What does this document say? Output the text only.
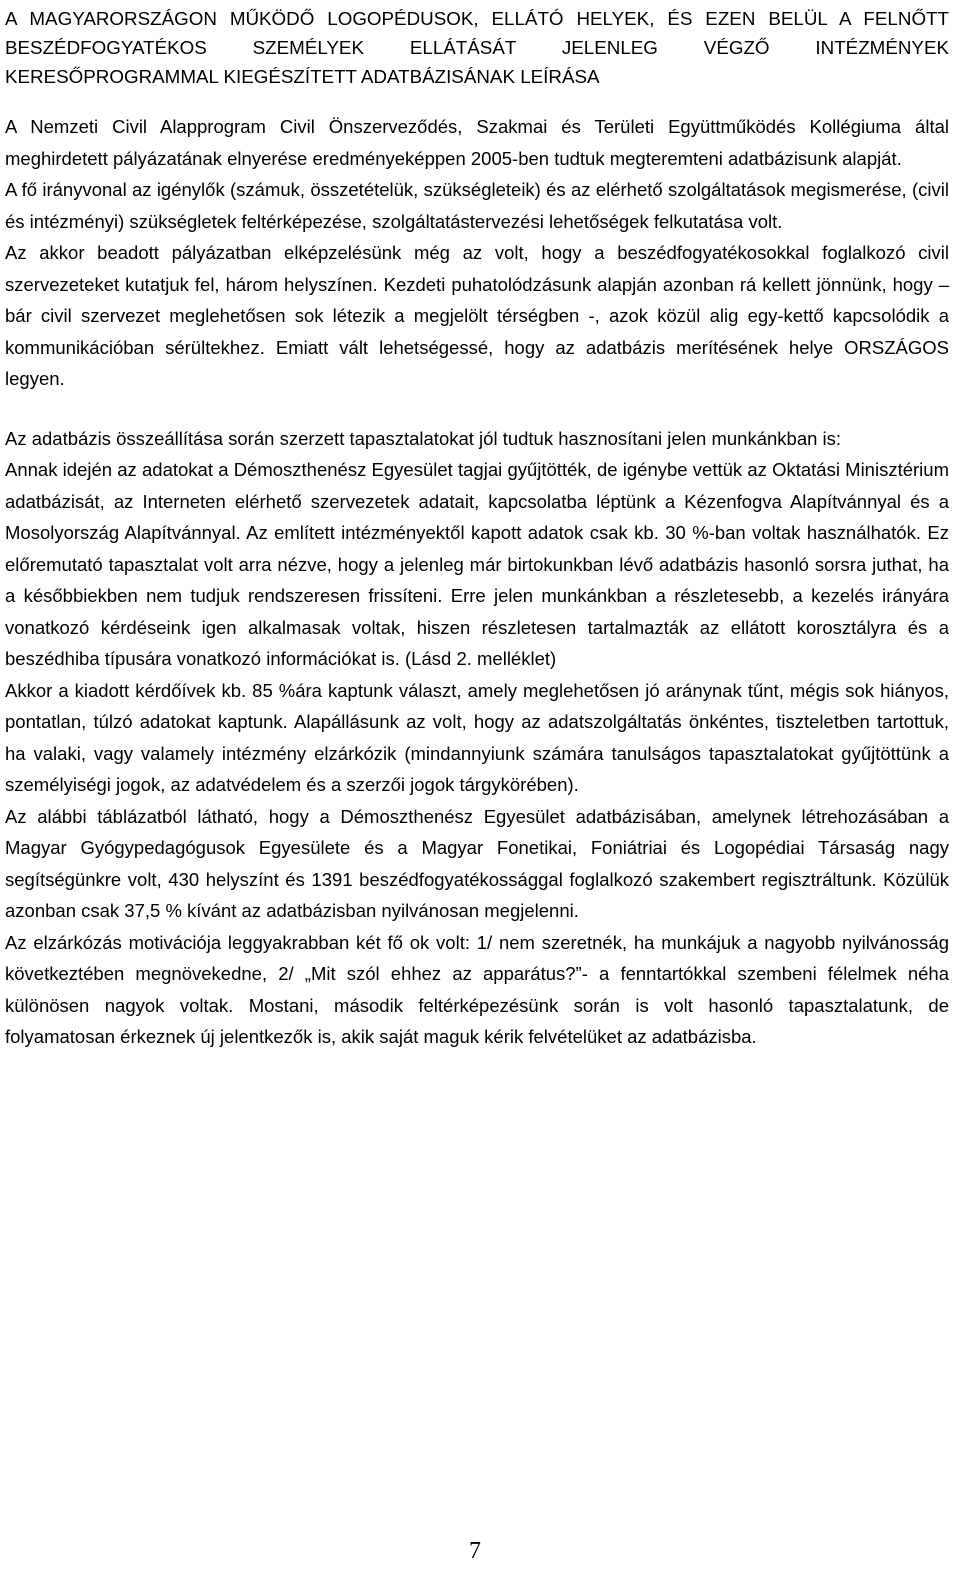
A MAGYARORSZÁGON MŰKÖDŐ LOGOPÉDUSOK, ELLÁTÓ HELYEK, ÉS EZEN BELÜL A FELNŐTT BESZÉDFOGYATÉKOS SZEMÉLYEK ELLÁTÁSÁT JELENLEG VÉGZŐ INTÉZMÉNYEK KERESŐPROGRAMMAL KIEGÉSZÍTETT ADATBÁZISÁNAK LEÍRÁSA

A Nemzeti Civil Alapprogram Civil Önszerveződés, Szakmai és Területi Együttműködés Kollégiuma által meghirdetett pályázatának elnyerése eredményeképpen 2005-ben tudtuk megteremteni adatbázisunk alapját.

A fő irányvonal az igénylők (számuk, összetételük, szükségleteik) és az elérhető szolgáltatások megismerése, (civil és intézményi) szükségletek feltérképezése, szolgáltatástervezési lehetőségek felkutatása volt.

Az akkor beadott pályázatban elképzelésünk még az volt, hogy a beszédfogyatékosokkal foglalkozó civil szervezeteket kutatjuk fel, három helyszínen. Kezdeti puhatolódzásunk alapján azonban rá kellett jönnünk, hogy – bár civil szervezet meglehetősen sok létezik a megjelölt térségben -, azok közül alig egy-kettő kapcsolódik a kommunikációban sérültekhez. Emiatt vált lehetségessé, hogy az adatbázis merítésének helye ORSZÁGOS legyen.

Az adatbázis összeállítása során szerzett tapasztalatokat jól tudtuk hasznosítani jelen munkánkban is:

Annak idején az adatokat a Démoszthenész Egyesület tagjai gyűjtötték, de igénybe vettük az Oktatási Minisztérium adatbázisát, az Interneten elérhető szervezetek adatait, kapcsolatba léptünk a Kézenfogva Alapítvánnyal és a Mosolyország Alapítvánnyal. Az említett intézményektől kapott adatok csak kb. 30 %-ban voltak használhatók. Ez előremutató tapasztalat volt arra nézve, hogy a jelenleg már birtokunkban lévő adatbázis hasonló sorsra juthat, ha a későbbiekben nem tudjuk rendszeresen frissíteni. Erre jelen munkánkban a részletesebb, a kezelés irányára vonatkozó kérdéseink igen alkalmasak voltak, hiszen részletesen tartalmazták az ellátott korosztályra és a beszédhiba típusára vonatkozó információkat is. (Lásd 2. melléklet)

Akkor a kiadott kérdőívek kb. 85 %ára kaptunk választ, amely meglehetősen jó aránynak tűnt, mégis sok hiányos, pontatlan, túlzó adatokat kaptunk. Alapállásunk az volt, hogy az adatszolgáltatás önkéntes, tiszteletben tartottuk, ha valaki, vagy valamely intézmény elzárkózik (mindannyiunk számára tanulságos tapasztalatokat gyűjtöttünk a személyiségi jogok, az adatvédelem és a szerzői jogok tárgykörében).

Az alábbi táblázatból látható, hogy a Démoszthenész Egyesület adatbázisában, amelynek létrehozásában a Magyar Gyógypedagógusok Egyesülete és a Magyar Fonetikai, Foniátriai és Logopédiai Társaság nagy segítségünkre volt, 430 helyszínt és 1391 beszédfogyatékossággal foglalkozó szakembert regisztráltunk. Közülük azonban csak 37,5 % kívánt az adatbázisban nyilvánosan megjelenni.

Az elzárkózás motivációja leggyakrabban két fő ok volt: 1/ nem szeretnék, ha munkájuk a nagyobb nyilvánosság következtében megnövekedne, 2/ „Mit szól ehhez az apparátus?”- a fenntartókkal szembeni félelmek néha különösen nagyok voltak. Mostani, második feltérképezésünk során is volt hasonló tapasztalatunk, de folyamatosan érkeznek új jelentkezők is, akik saját maguk kérik felvételüket az adatbázisba.

7
